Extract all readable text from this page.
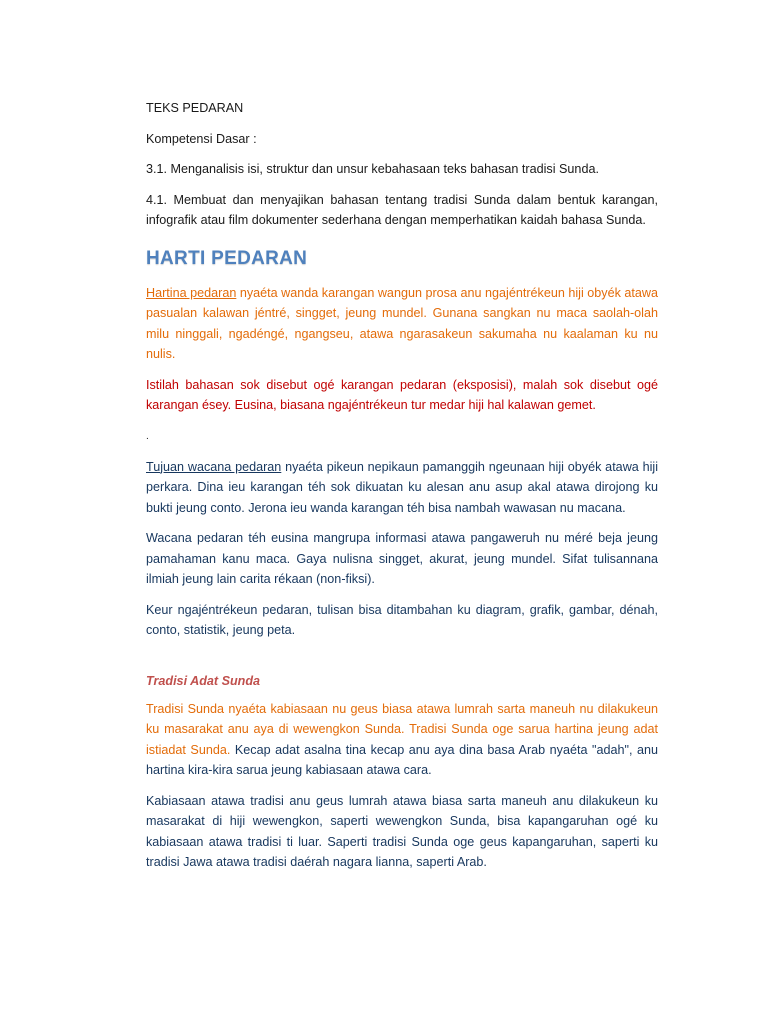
TEKS PEDARAN

Kompetensi Dasar :

3.1. Menganalisis isi, struktur dan unsur kebahasaan teks bahasan tradisi Sunda.

4.1. Membuat dan menyajikan bahasan tentang tradisi Sunda dalam bentuk karangan, infografik atau film dokumenter sederhana dengan memperhatikan kaidah bahasa Sunda.

HARTI PEDARAN

Hartina pedaran nyaéta wanda karangan wangun prosa anu ngajéntrékeun hiji obyék atawa pasualan kalawan jéntré, singget, jeung mundel. Gunana sangkan nu maca saolah-olah milu ninggali, ngadéngé, ngangseu, atawa ngarasakeun sakumaha nu kaalaman ku nu nulis.

Istilah bahasan sok disebut ogé karangan pedaran (eksposisi), malah sok disebut ogé karangan ésey. Eusina, biasana ngajéntrékeun tur medar hiji hal kalawan gemet.

.

Tujuan wacana pedaran nyaéta pikeun nepikaun pamanggih ngeunaan hiji obyék atawa hiji perkara. Dina ieu karangan téh sok dikuatan ku alesan anu asup akal atawa dirojong ku bukti jeung conto. Jerona ieu wanda karangan téh bisa nambah wawasan nu macana.

Wacana pedaran téh eusina mangrupa informasi atawa pangaweruh nu méré beja jeung pamahaman kanu maca. Gaya nulisna singget, akurat, jeung mundel. Sifat tulisannana ilmiah jeung lain carita rékaan (non-fiksi).

Keur ngajéntrékeun pedaran, tulisan bisa ditambahan ku diagram, grafik, gambar, dénah, conto, statistik, jeung peta.

Tradisi Adat Sunda

Tradisi Sunda nyaéta kabiasaan nu geus biasa atawa lumrah sarta maneuh nu dilakukeun ku masarakat anu aya di wewengkon Sunda. Tradisi Sunda oge sarua hartina jeung adat istiadat Sunda. Kecap adat asalna tina kecap anu aya dina basa Arab nyaéta "adah", anu hartina kira-kira sarua jeung kabiasaan atawa cara.

Kabiasaan atawa tradisi anu geus lumrah atawa biasa sarta maneuh anu dilakukeun ku masarakat di hiji wewengkon, saperti wewengkon Sunda, bisa kapangaruhan ogé ku kabiasaan atawa tradisi ti luar. Saperti tradisi Sunda oge geus kapangaruhan, saperti ku tradisi Jawa atawa tradisi daérah nagara lianna, saperti Arab.
